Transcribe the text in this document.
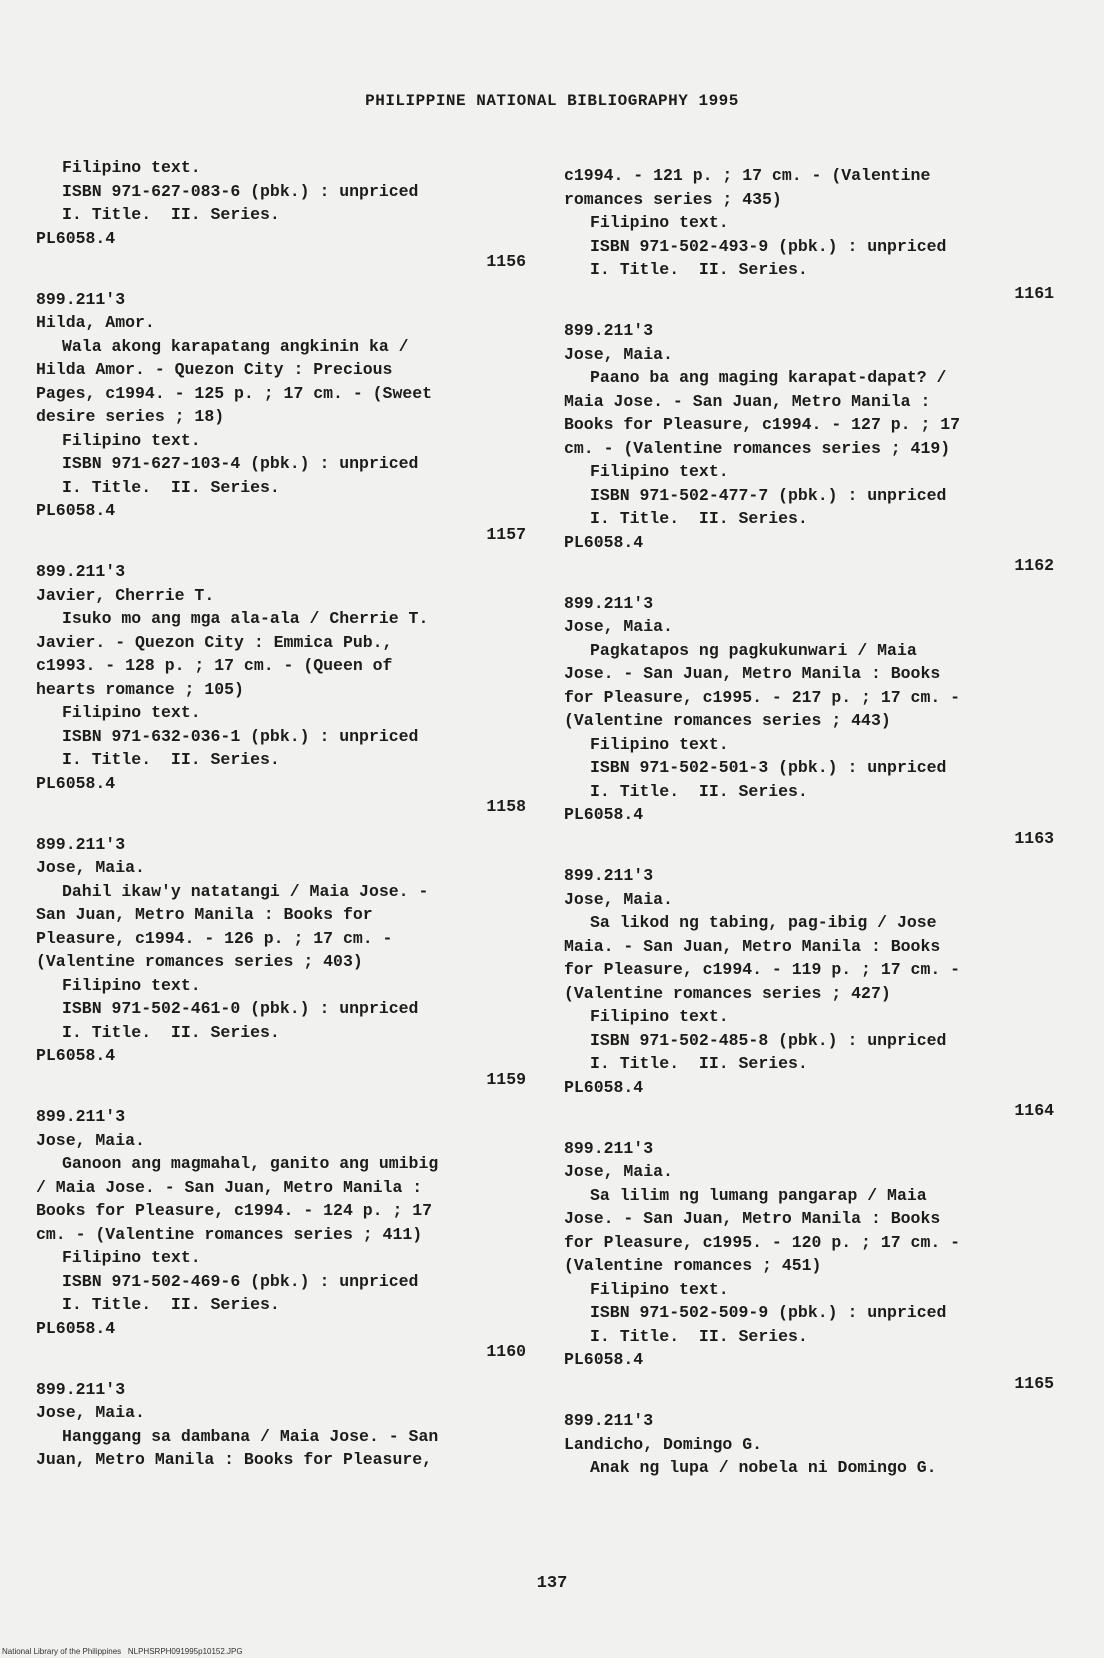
PHILIPPINE NATIONAL BIBLIOGRAPHY 1995
Filipino text.
ISBN 971-627-083-6 (pbk.) : unpriced
I. Title.  II. Series.
PL6058.4
1156
899.211'3
Hilda, Amor.
Wala akong karapatang angkinin ka /
Hilda Amor. - Quezon City : Precious
Pages, c1994. - 125 p. ; 17 cm. - (Sweet
desire series ; 18)
Filipino text.
ISBN 971-627-103-4 (pbk.) : unpriced
I. Title.  II. Series.
PL6058.4
1157
899.211'3
Javier, Cherrie T.
Isuko mo ang mga ala-ala / Cherrie T.
Javier. - Quezon City : Emmica Pub.,
c1993. - 128 p. ; 17 cm. - (Queen of
hearts romance ; 105)
Filipino text.
ISBN 971-632-036-1 (pbk.) : unpriced
I. Title.  II. Series.
PL6058.4
1158
899.211'3
Jose, Maia.
Dahil ikaw'y natatangi / Maia Jose. -
San Juan, Metro Manila : Books for
Pleasure, c1994. - 126 p. ; 17 cm. -
(Valentine romances series ; 403)
Filipino text.
ISBN 971-502-461-0 (pbk.) : unpriced
I. Title.  II. Series.
PL6058.4
1159
899.211'3
Jose, Maia.
Ganoon ang magmahal, ganito ang umibig
/ Maia Jose. - San Juan, Metro Manila :
Books for Pleasure, c1994. - 124 p. ; 17
cm. - (Valentine romances series ; 411)
Filipino text.
ISBN 971-502-469-6 (pbk.) : unpriced
I. Title.  II. Series.
PL6058.4
1160
899.211'3
Jose, Maia.
Hanggang sa dambana / Maia Jose. - San
Juan, Metro Manila : Books for Pleasure,
c1994. - 121 p. ; 17 cm. - (Valentine
romances series ; 435)
Filipino text.
ISBN 971-502-493-9 (pbk.) : unpriced
I. Title.  II. Series.
1161
899.211'3
Jose, Maia.
Paano ba ang maging karapat-dapat? /
Maia Jose. - San Juan, Metro Manila :
Books for Pleasure, c1994. - 127 p. ; 17
cm. - (Valentine romances series ; 419)
Filipino text.
ISBN 971-502-477-7 (pbk.) : unpriced
I. Title.  II. Series.
PL6058.4
1162
899.211'3
Jose, Maia.
Pagkatapos ng pagkukunwari / Maia
Jose. - San Juan, Metro Manila : Books
for Pleasure, c1995. - 217 p. ; 17 cm. -
(Valentine romances series ; 443)
Filipino text.
ISBN 971-502-501-3 (pbk.) : unpriced
I. Title.  II. Series.
PL6058.4
1163
899.211'3
Jose, Maia.
Sa likod ng tabing, pag-ibig / Jose
Maia. - San Juan, Metro Manila : Books
for Pleasure, c1994. - 119 p. ; 17 cm. -
(Valentine romances series ; 427)
Filipino text.
ISBN 971-502-485-8 (pbk.) : unpriced
I. Title.  II. Series.
PL6058.4
1164
899.211'3
Jose, Maia.
Sa lilim ng lumang pangarap / Maia
Jose. - San Juan, Metro Manila : Books
for Pleasure, c1995. - 120 p. ; 17 cm. -
(Valentine romances ; 451)
Filipino text.
ISBN 971-502-509-9 (pbk.) : unpriced
I. Title.  II. Series.
PL6058.4
1165
899.211'3
Landicho, Domingo G.
Anak ng lupa / nobela ni Domingo G.
137
National Library of the Philippines NLPHSRPH091995p10152.JPG
